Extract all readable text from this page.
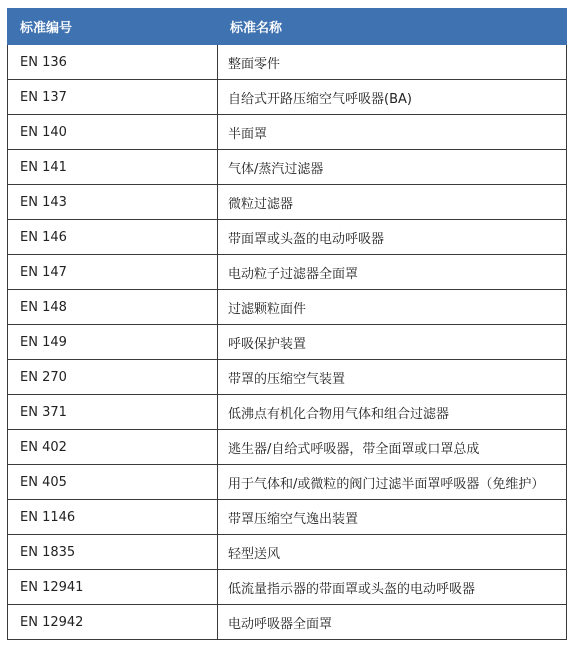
标准编号	标准名称
EN 136	整面零件
EN 137	自给式开路压缩空气呼吸器(BA)
EN 140	半面罩
EN 141	气体/蒸汽过滤器
EN 143	微粒过滤器
EN 146	带面罩或头盔的电动呼吸器
EN 147	电动粒子过滤器全面罩
EN 148	过滤颗粒面件
EN 149	呼吸保护装置
EN 270	带罩的压缩空气装置
EN 371	低沸点有机化合物用气体和组合过滤器
EN 402	逃生器/自给式呼吸器，带全面罩或口罩总成
EN 405	用于气体和/或微粒的阀门过滤半面罩呼吸器（免维护）
EN 1146	带罩压缩空气逸出装置
EN 1835	轻型送风
EN 12941	低流量指示器的带面罩或头盔的电动呼吸器
EN 12942	电动呼吸器全面罩
